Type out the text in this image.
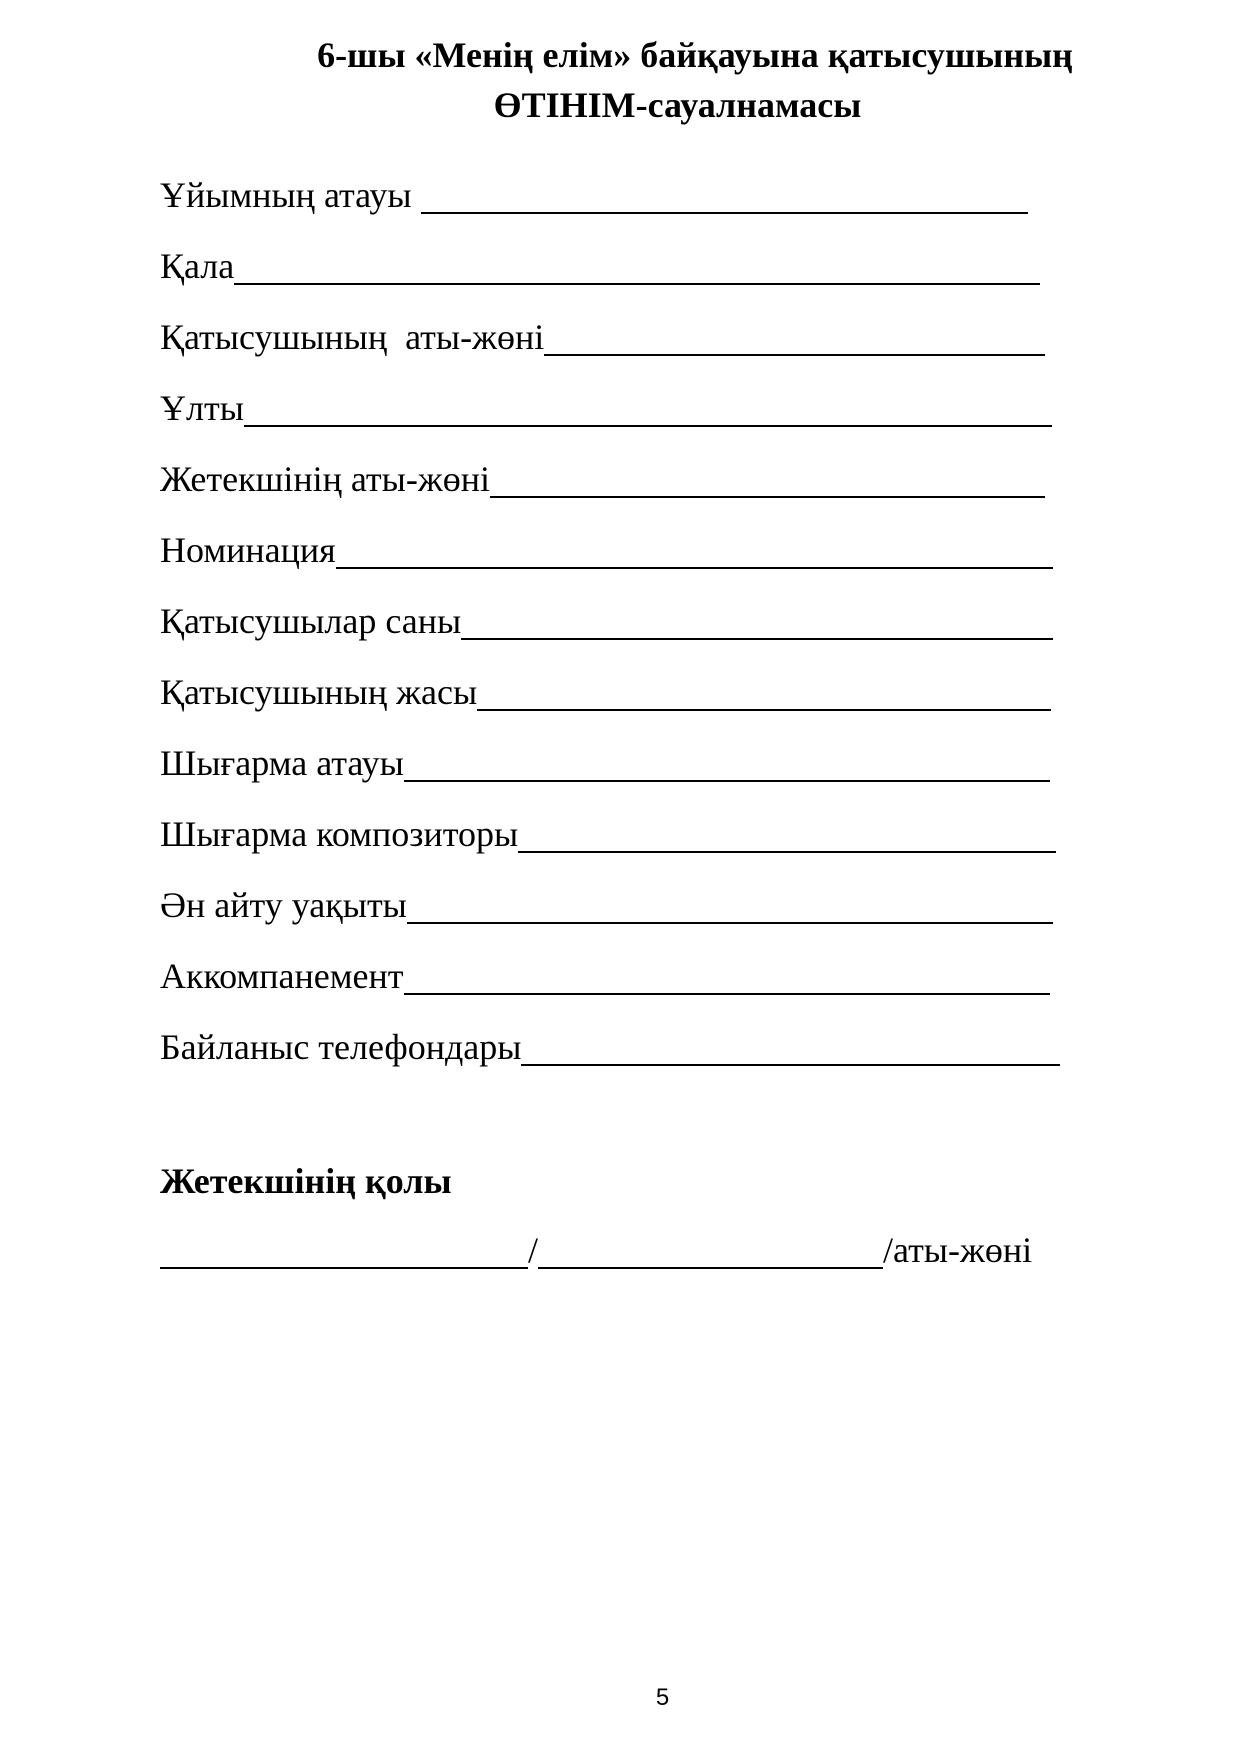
6-шы «Менің елім» байқауына қатысушының
ӨТІНІМ-сауалнамасы
Ұйымның атауы
Қала
Қатысушының  аты-жөні
Ұлты
Жетекшінің аты-жөні
Номинация
Қатысушылар саны
Қатысушының жасы
Шығарма атауы
Шығарма композиторы
Ән айту уақыты
Аккомпанемент
Байланыс телефондары
Жетекшінің қолы
/	/аты-жөні
5
